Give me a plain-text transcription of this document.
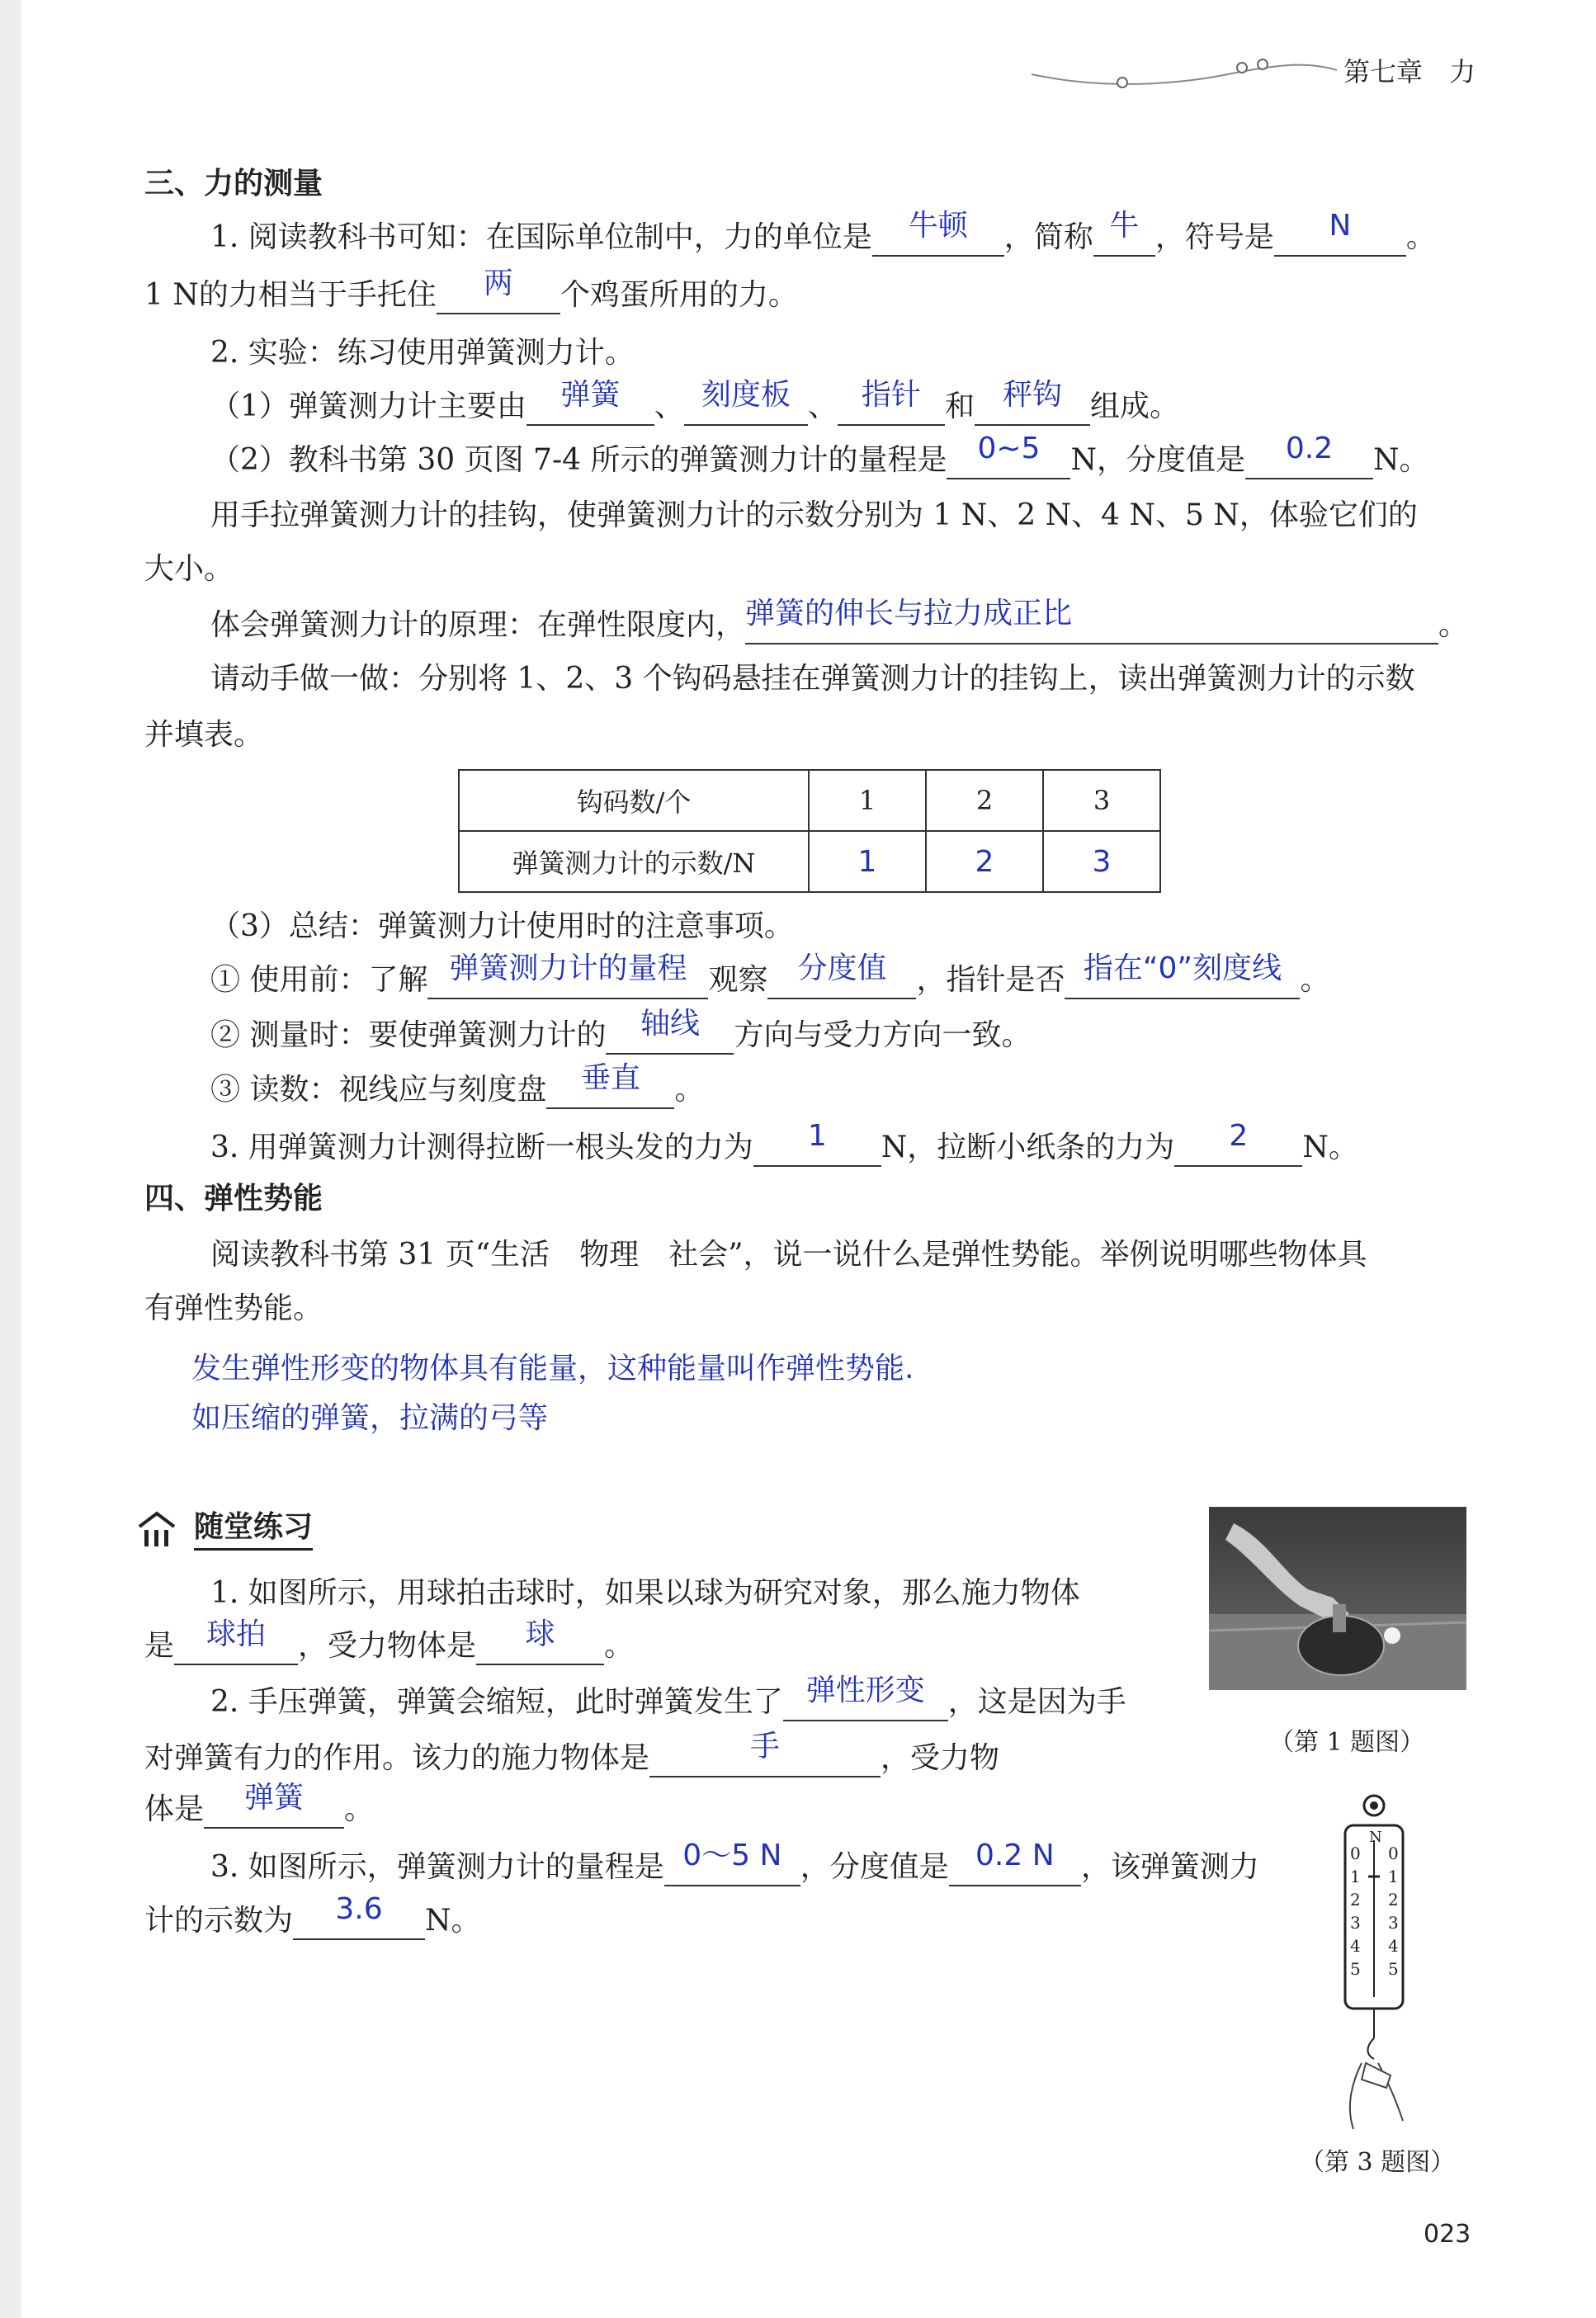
第七章　力
三、力的测量
1. 阅读教科书可知：在国际单位制中，力的单位是	牛顿	，简称 牛 ，符号是	N	。
1 N的力相当于手托住	两	个鸡蛋所用的力。
2. 实验：练习使用弹簧测力计。
（1）弹簧测力计主要由	弹簧	、 刻度板 、 指针 和 秤钩 组成。
（2）教科书第 30 页图 7-4 所示的弹簧测力计的量程是	0~5	N，分度值是	0.2	N。
用手拉弹簧测力计的挂钩，使弹簧测力计的示数分别为 1 N、2 N、4 N、5 N，体验它们的
大小。
体会弹簧测力计的原理：在弹性限度内， 弹簧的伸长与拉力成正比	。
请动手做一做：分别将 1、2、3 个钩码悬挂在弹簧测力计的挂钩上，读出弹簧测力计的示数
并填表。
钩码数/个	1	2	3
弹簧测力计的示数/N	1	2	3
（3）总结：弹簧测力计使用时的注意事项。
① 使用前：了解 弹簧测力计的量程 观察 分度值	，指针是否 指在“0”刻度线 。
② 测量时：要使弹簧测力计的	轴线	方向与受力方向一致。
③ 读数：视线应与刻度盘	垂直	。
3. 用弹簧测力计测得拉断一根头发的力为	1	N，拉断小纸条的力为	2	N。
四、弹性势能
阅读教科书第 31 页“生活　物理　社会”，说一说什么是弹性势能。举例说明哪些物体具
有弹性势能。
发生弹性形变的物体具有能量，这种能量叫作弹性势能.
如压缩的弹簧，拉满的弓等
随堂练习
（第 1 题图）
1. 如图所示，用球拍击球时，如果以球为研究对象，那么施力物体
是	球拍	，受力物体是	球	。
2. 手压弹簧，弹簧会缩短，此时弹簧发生了 弹性形变 ，这是因为手
对弹簧有力的作用。该力的施力物体是	手	，受力物
体是	弹簧	。
3. 如图所示，弹簧测力计的量程是 0～5 N ，分度值是 0.2 N ，该弹簧测力
计的示数为	3.6	N。
N
0
1
2
3
4
5
0
1
2
3
4
5
（第 3 题图）
023
